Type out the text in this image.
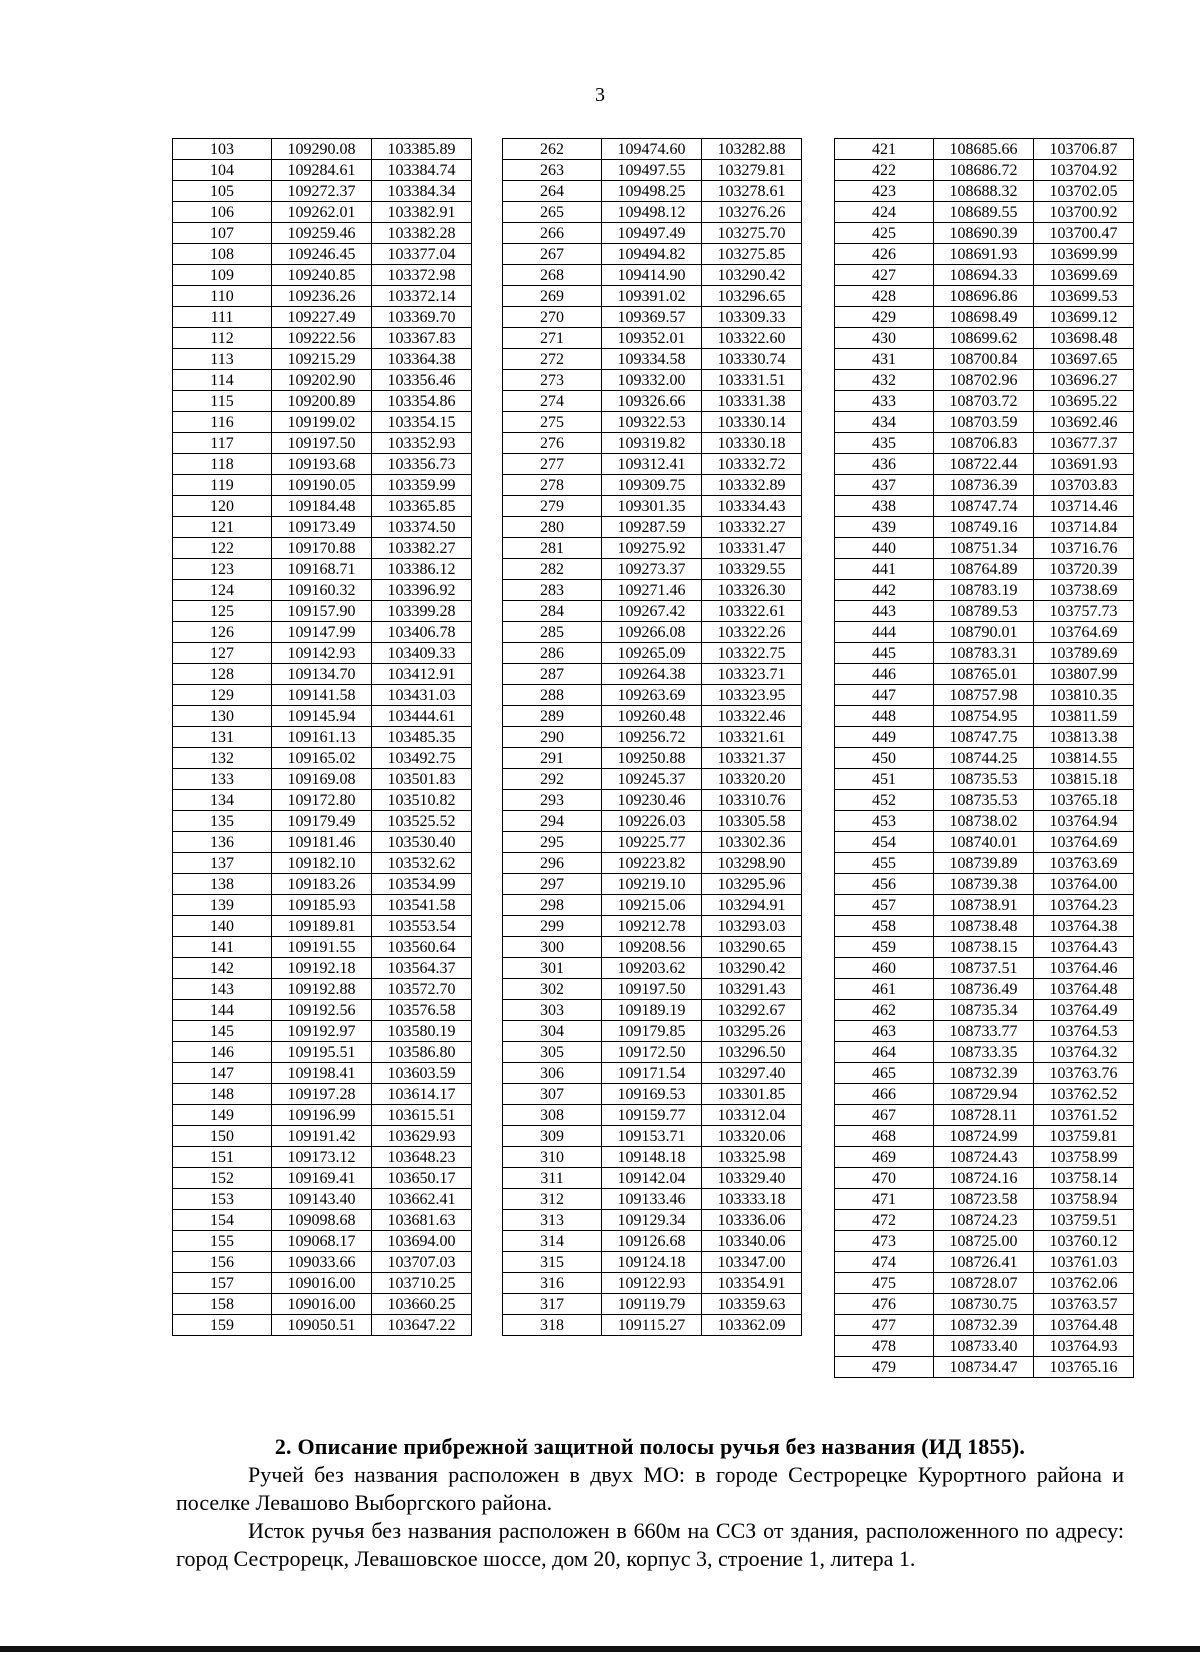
3
103	109290.08	103385.89
104	109284.61	103384.74
105	109272.37	103384.34
106	109262.01	103382.91
107	109259.46	103382.28
108	109246.45	103377.04
109	109240.85	103372.98
110	109236.26	103372.14
111	109227.49	103369.70
112	109222.56	103367.83
113	109215.29	103364.38
114	109202.90	103356.46
115	109200.89	103354.86
116	109199.02	103354.15
117	109197.50	103352.93
118	109193.68	103356.73
119	109190.05	103359.99
120	109184.48	103365.85
121	109173.49	103374.50
122	109170.88	103382.27
123	109168.71	103386.12
124	109160.32	103396.92
125	109157.90	103399.28
126	109147.99	103406.78
127	109142.93	103409.33
128	109134.70	103412.91
129	109141.58	103431.03
130	109145.94	103444.61
131	109161.13	103485.35
132	109165.02	103492.75
133	109169.08	103501.83
134	109172.80	103510.82
135	109179.49	103525.52
136	109181.46	103530.40
137	109182.10	103532.62
138	109183.26	103534.99
139	109185.93	103541.58
140	109189.81	103553.54
141	109191.55	103560.64
142	109192.18	103564.37
143	109192.88	103572.70
144	109192.56	103576.58
145	109192.97	103580.19
146	109195.51	103586.80
147	109198.41	103603.59
148	109197.28	103614.17
149	109196.99	103615.51
150	109191.42	103629.93
151	109173.12	103648.23
152	109169.41	103650.17
153	109143.40	103662.41
154	109098.68	103681.63
155	109068.17	103694.00
156	109033.66	103707.03
157	109016.00	103710.25
158	109016.00	103660.25
159	109050.51	103647.22
262	109474.60	103282.88
263	109497.55	103279.81
264	109498.25	103278.61
265	109498.12	103276.26
266	109497.49	103275.70
267	109494.82	103275.85
268	109414.90	103290.42
269	109391.02	103296.65
270	109369.57	103309.33
271	109352.01	103322.60
272	109334.58	103330.74
273	109332.00	103331.51
274	109326.66	103331.38
275	109322.53	103330.14
276	109319.82	103330.18
277	109312.41	103332.72
278	109309.75	103332.89
279	109301.35	103334.43
280	109287.59	103332.27
281	109275.92	103331.47
282	109273.37	103329.55
283	109271.46	103326.30
284	109267.42	103322.61
285	109266.08	103322.26
286	109265.09	103322.75
287	109264.38	103323.71
288	109263.69	103323.95
289	109260.48	103322.46
290	109256.72	103321.61
291	109250.88	103321.37
292	109245.37	103320.20
293	109230.46	103310.76
294	109226.03	103305.58
295	109225.77	103302.36
296	109223.82	103298.90
297	109219.10	103295.96
298	109215.06	103294.91
299	109212.78	103293.03
300	109208.56	103290.65
301	109203.62	103290.42
302	109197.50	103291.43
303	109189.19	103292.67
304	109179.85	103295.26
305	109172.50	103296.50
306	109171.54	103297.40
307	109169.53	103301.85
308	109159.77	103312.04
309	109153.71	103320.06
310	109148.18	103325.98
311	109142.04	103329.40
312	109133.46	103333.18
313	109129.34	103336.06
314	109126.68	103340.06
315	109124.18	103347.00
316	109122.93	103354.91
317	109119.79	103359.63
318	109115.27	103362.09
421	108685.66	103706.87
422	108686.72	103704.92
423	108688.32	103702.05
424	108689.55	103700.92
425	108690.39	103700.47
426	108691.93	103699.99
427	108694.33	103699.69
428	108696.86	103699.53
429	108698.49	103699.12
430	108699.62	103698.48
431	108700.84	103697.65
432	108702.96	103696.27
433	108703.72	103695.22
434	108703.59	103692.46
435	108706.83	103677.37
436	108722.44	103691.93
437	108736.39	103703.83
438	108747.74	103714.46
439	108749.16	103714.84
440	108751.34	103716.76
441	108764.89	103720.39
442	108783.19	103738.69
443	108789.53	103757.73
444	108790.01	103764.69
445	108783.31	103789.69
446	108765.01	103807.99
447	108757.98	103810.35
448	108754.95	103811.59
449	108747.75	103813.38
450	108744.25	103814.55
451	108735.53	103815.18
452	108735.53	103765.18
453	108738.02	103764.94
454	108740.01	103764.69
455	108739.89	103763.69
456	108739.38	103764.00
457	108738.91	103764.23
458	108738.48	103764.38
459	108738.15	103764.43
460	108737.51	103764.46
461	108736.49	103764.48
462	108735.34	103764.49
463	108733.77	103764.53
464	108733.35	103764.32
465	108732.39	103763.76
466	108729.94	103762.52
467	108728.11	103761.52
468	108724.99	103759.81
469	108724.43	103758.99
470	108724.16	103758.14
471	108723.58	103758.94
472	108724.23	103759.51
473	108725.00	103760.12
474	108726.41	103761.03
475	108728.07	103762.06
476	108730.75	103763.57
477	108732.39	103764.48
478	108733.40	103764.93
479	108734.47	103765.16
2. Описание прибрежной защитной полосы ручья без названия (ИД 1855).

Ручей без названия расположен в двух МО: в городе Сестрорецке Курортного района и поселке Левашово Выборгского района.

Исток ручья без названия расположен в 660м на ССЗ от здания, расположенного по адресу: город Сестрорецк, Левашовское шоссе, дом 20, корпус 3, строение 1, литера 1.
